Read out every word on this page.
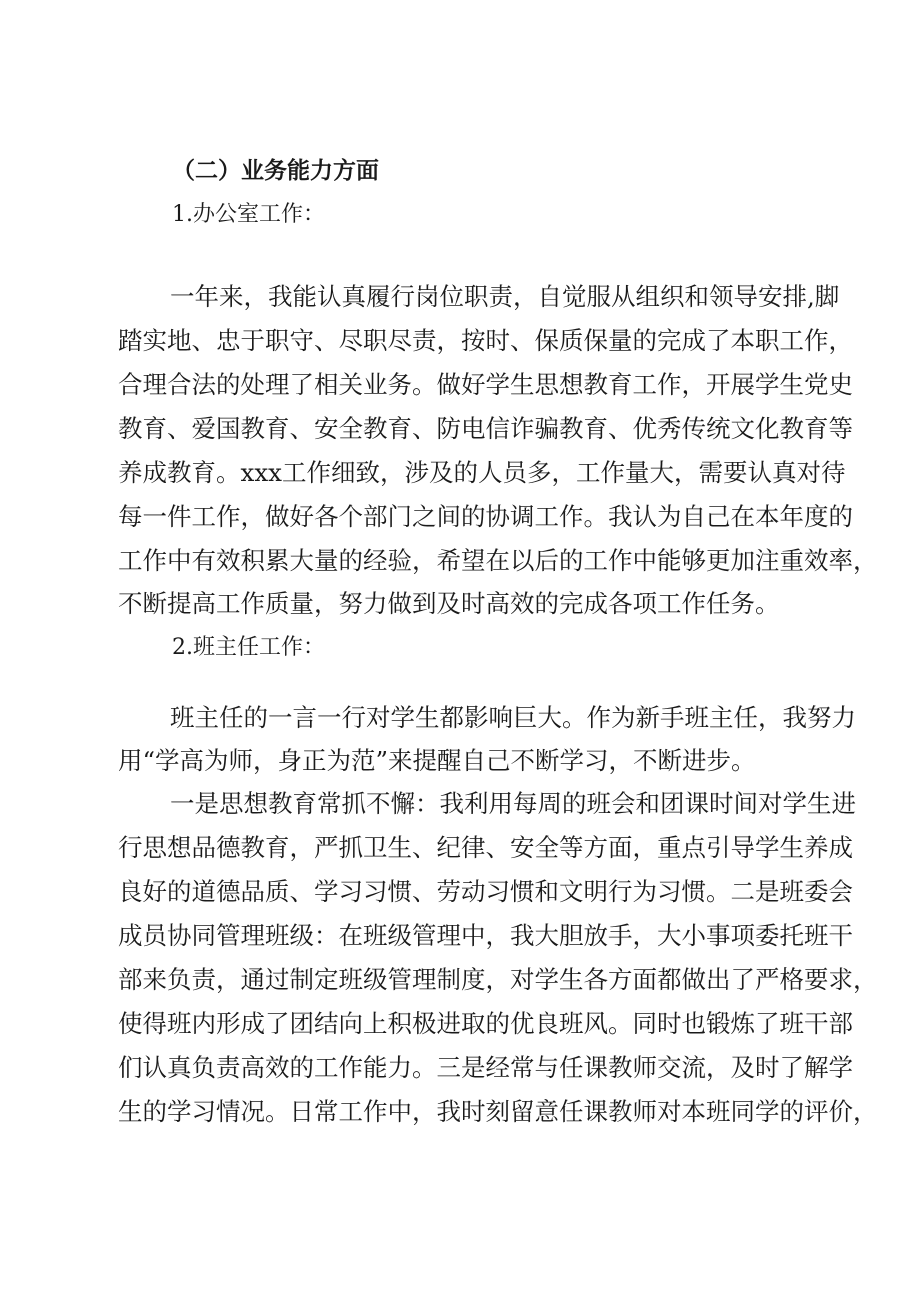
（二）业务能力方面

1.办公室工作：

一年来，我能认真履行岗位职责，自觉服从组织和领导安排,脚

踏实地、忠于职守、尽职尽责，按时、保质保量的完成了本职工作，

合理合法的处理了相关业务。做好学生思想教育工作，开展学生党史

教育、爱国教育、安全教育、防电信诈骗教育、优秀传统文化教育等

养成教育。xxx工作细致，涉及的人员多，工作量大，需要认真对待

每一件工作，做好各个部门之间的协调工作。我认为自己在本年度的

工作中有效积累大量的经验，希望在以后的工作中能够更加注重效率，

不断提高工作质量，努力做到及时高效的完成各项工作任务。

2.班主任工作：

班主任的一言一行对学生都影响巨大。作为新手班主任，我努力

用“学高为师，身正为范”来提醒自己不断学习，不断进步。

一是思想教育常抓不懈：我利用每周的班会和团课时间对学生进

行思想品德教育，严抓卫生、纪律、安全等方面，重点引导学生养成

良好的道德品质、学习习惯、劳动习惯和文明行为习惯。二是班委会

成员协同管理班级：在班级管理中，我大胆放手，大小事项委托班干

部来负责，通过制定班级管理制度，对学生各方面都做出了严格要求，

使得班内形成了团结向上积极进取的优良班风。同时也锻炼了班干部

们认真负责高效的工作能力。三是经常与任课教师交流，及时了解学

生的学习情况。日常工作中，我时刻留意任课教师对本班同学的评价，
